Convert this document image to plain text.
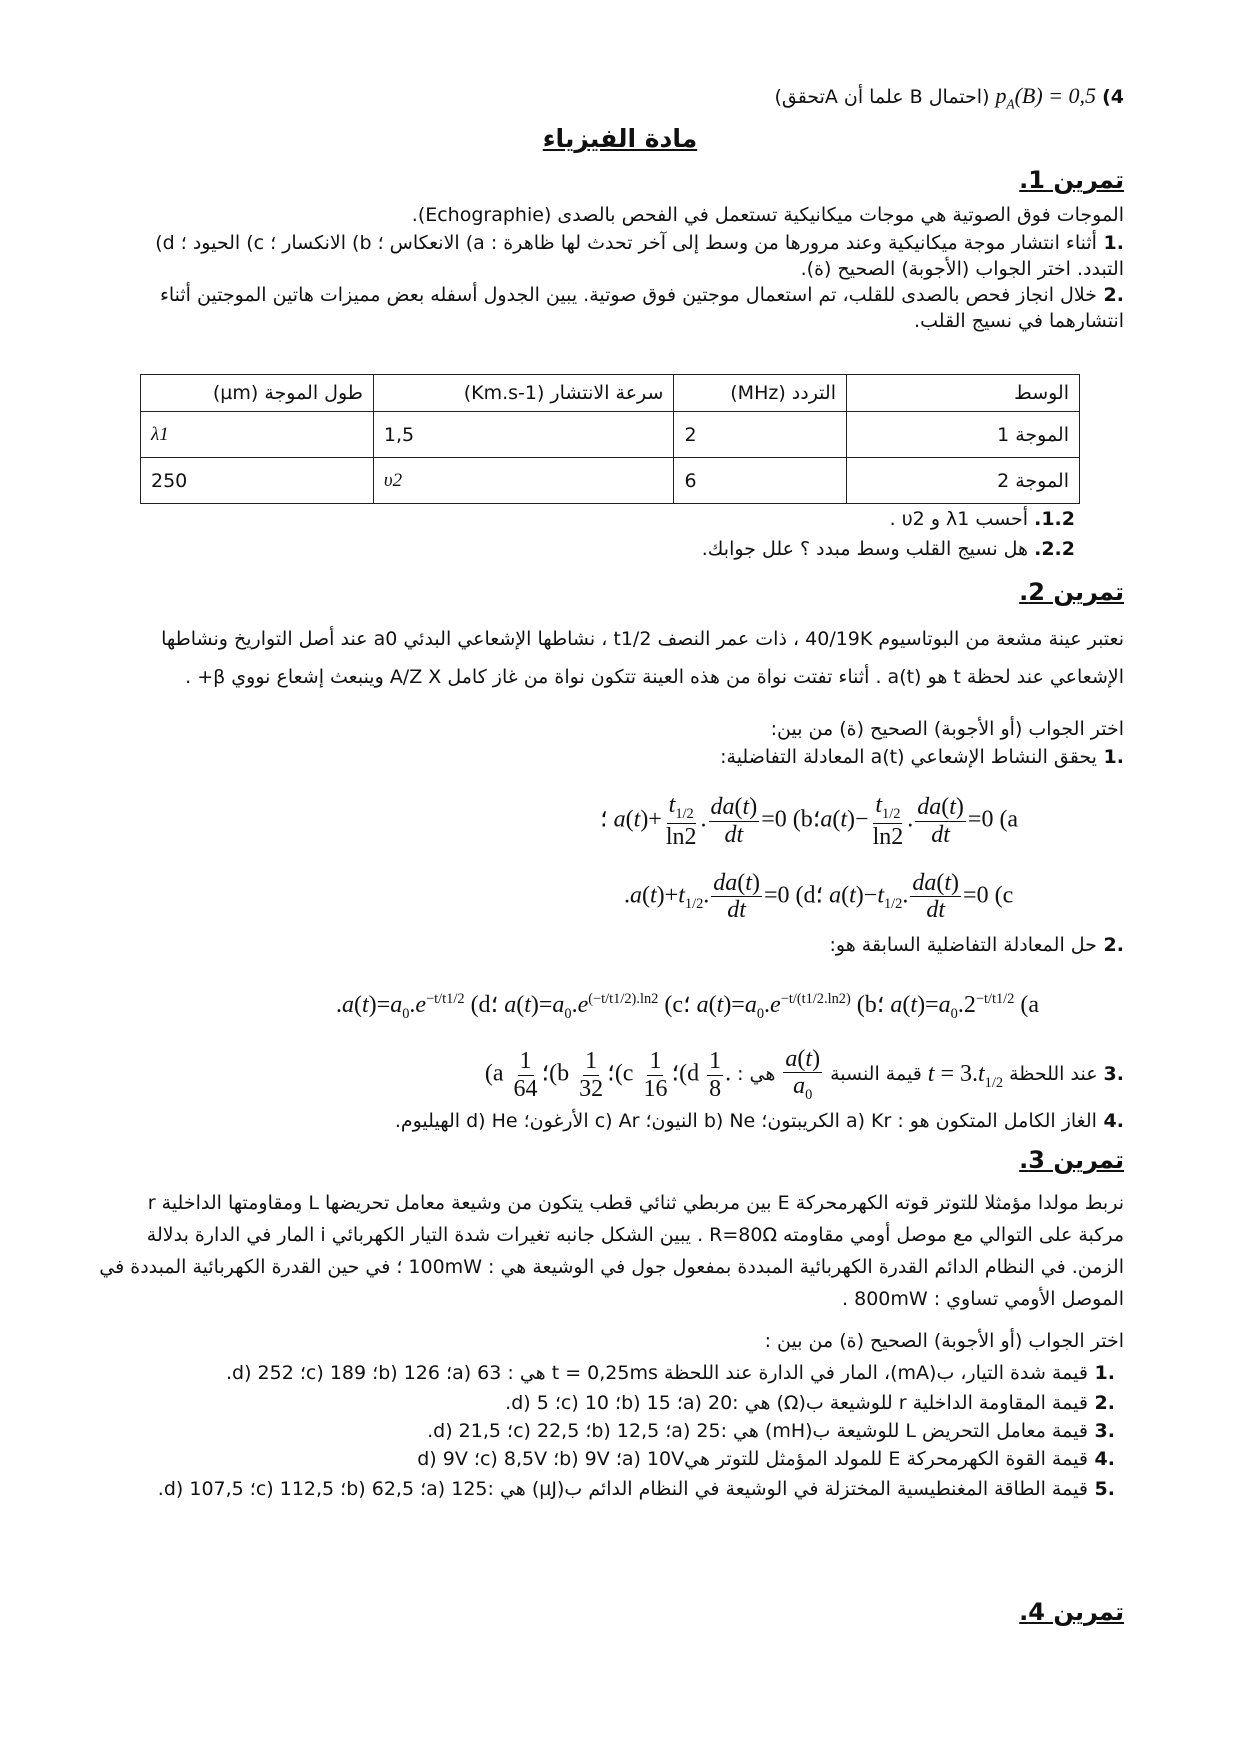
4) $p_A(B) = 0,5$ (احتمال B علما أن Aتحقق)
مادة الفيزياء
تمرين 1.
الموجات فوق الصوتية هي موجات ميكانيكية تستعمل في الفحص بالصدى (Echographie).
.1 أثناء انتشار موجة ميكانيكية وعند مرورها من وسط إلى آخر تحدث لها ظاهرة : a) الانعكاس ؛ b) الانكسار ؛ c) الحيود ؛ d)
التبدد. اختر الجواب (الأجوبة) الصحيح (ة).
.2 خلال انجاز فحص بالصدى للقلب، تم استعمال موجتين فوق صوتية. يبين الجدول أسفله بعض مميزات هاتين الموجتين أثناء
انتشارهما في نسيج القلب.
الوسط	التردد (MHz)	سرعة الانتشار (Km.s-1)	طول الموجة (µm)
الموجة 1	2	1,5	λ1
الموجة 2	6	υ2	250
1.2. أحسب λ1 و υ2 .
2.2. هل نسيج القلب وسط مبدد ؟ علل جوابك.
تمرين 2.
نعتبر عينة مشعة من البوتاسيوم 40/19K ، ذات عمر النصف t1/2 ، نشاطها الإشعاعي البدئي a0 عند أصل التواريخ ونشاطها
الإشعاعي عند لحظة t هو a(t) . أثناء تفتت نواة من هذه العينة تتكون نواة من غاز كامل A/Z X وينبعث إشعاع نووي β+ .
اختر الجواب (أو الأجوبة) الصحيح (ة) من بين:
.1 يحقق النشاط الإشعاعي a(t) المعادلة التفاضلية:
؛ $a(t)+ \frac{t_{1/2}}{\ln 2}$ . $\frac{da(t)}{dt} =0$ (b؛a(t)− $\frac{t_{1/2}}{\ln 2}$ . $\frac{da(t)}{dt} =0$ (a
$.a(t)+t_{1/2}$. $\frac{da(t)}{dt} =0$ (d؛ $a(t)-t_{1/2}$. $\frac{da(t)}{dt} =0$ (c
.2 حل المعادلة التفاضلية السابقة هو:
$.a(t)=a_0.e^{-t/t1/2}$ (d؛ $a(t)=a_0.e^{(-t/t1/2).ln2}$ (c؛ $a(t)=a_0.e^{-t/(t1/2.ln2)}$ (b؛ $a(t)=a_0.2^{-t/t1/2}$ (a
.3
عند اللحظة
$t = 3.t_{1/2}$
قيمة النسبة
$\frac{a(t)}{a_0}$
هي :
($a \frac{1}{64}$ ؛(b $\frac{1}{32}$ ؛(c $\frac{1}{16}$ ؛(d $\frac{1}{8}$ .
.4 الغاز الكامل المتكون هو : a) Kr الكريبتون؛ b) Ne النيون؛ c) Ar الأرغون؛ d) He الهيليوم.
تمرين 3.
نربط مولدا مؤمثلا للتوتر قوته الكهرمحركة E بين مربطي ثنائي قطب يتكون من وشيعة معامل تحريضها L ومقاومتها الداخلية r
مركبة على التوالي مع موصل أومي مقاومته R=80Ω . يبين الشكل جانبه تغيرات شدة التيار الكهربائي i المار في الدارة بدلالة
الزمن. في النظام الدائم القدرة الكهربائية المبددة بمفعول جول في الوشيعة هي : 100mW ؛ في حين القدرة الكهربائية المبددة في
الموصل الأومي تساوي : 800mW .
اختر الجواب (أو الأجوبة) الصحيح (ة) من بين :
.1 قيمة شدة التيار، ب(mA)، المار في الدارة عند اللحظة t = 0,25ms هي : a) 63؛ b) 126؛ c) 189؛ d) 252.
.2 قيمة المقاومة الداخلية r للوشيعة ب(Ω) هي :a) 20؛ b) 15؛ c) 10؛ d) 5.
.3 قيمة معامل التحريض L للوشيعة ب(mH) هي :a) 25؛ b) 12,5؛ c) 22,5؛ d) 21,5.
.4 قيمة القوة الكهرمحركة E للمولد المؤمثل للتوتر هيa) 10V؛ b) 9V؛ c) 8,5V؛ d) 9V
.5 قيمة الطاقة المغنطيسية المختزلة في الوشيعة في النظام الدائم ب(µJ) هي :a) 125؛ b) 62,5؛ c) 112,5؛ d) 107,5.
تمرين 4.
